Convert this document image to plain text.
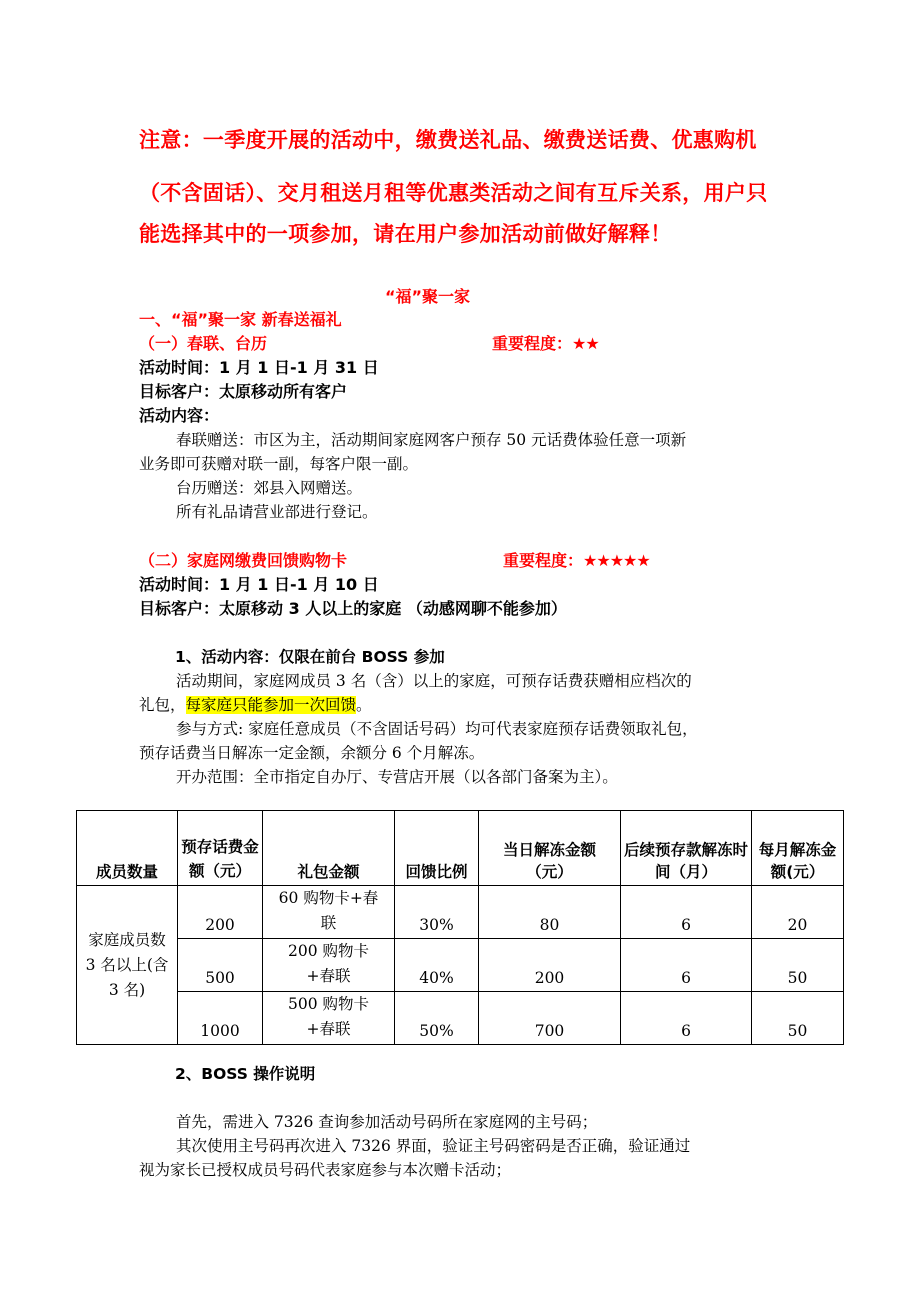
注意：一季度开展的活动中，缴费送礼品、缴费送话费、优惠购机
（不含固话）、交月租送月租等优惠类活动之间有互斥关系，用户只
能选择其中的一项参加，请在用户参加活动前做好解释！
“福”聚一家
一、“福”聚一家 新春送福礼
（一）春联、台历	重要程度：★★
活动时间：1 月 1 日-1 月 31 日
目标客户：太原移动所有客户
活动内容：
春联赠送：市区为主，活动期间家庭网客户预存 50 元话费体验任意一项新
业务即可获赠对联一副，每客户限一副。
台历赠送：郊县入网赠送。
所有礼品请营业部进行登记。
（二）家庭网缴费回馈购物卡	重要程度：★★★★★
活动时间：1 月 1 日-1 月 10 日
目标客户：太原移动 3 人以上的家庭 （动感网聊不能参加）
1、活动内容：仅限在前台 BOSS 参加
活动期间，家庭网成员 3 名（含）以上的家庭，可预存话费获赠相应档次的
礼包，每家庭只能参加一次回馈。
参与方式: 家庭任意成员（不含固话号码）均可代表家庭预存话费领取礼包，
预存话费当日解冻一定金额，余额分 6 个月解冻。
开办范围：全市指定自办厅、专营店开展（以各部门备案为主）。
成员数量	预存话费金额（元）	礼包金额	回馈比例	当日解冻金额（元）	后续预存款解冻时间（月）	每月解冻金额(元）
家庭成员数 3 名以上(含 3 名)	200	60 购物卡+春联	30%	80	6	20
	500	200 购物卡+春联	40%	200	6	50
	1000	500 购物卡+春联	50%	700	6	50
2、BOSS 操作说明
首先，需进入 7326 查询参加活动号码所在家庭网的主号码；
其次使用主号码再次进入 7326 界面，验证主号码密码是否正确，验证通过
视为家长已授权成员号码代表家庭参与本次赠卡活动；
